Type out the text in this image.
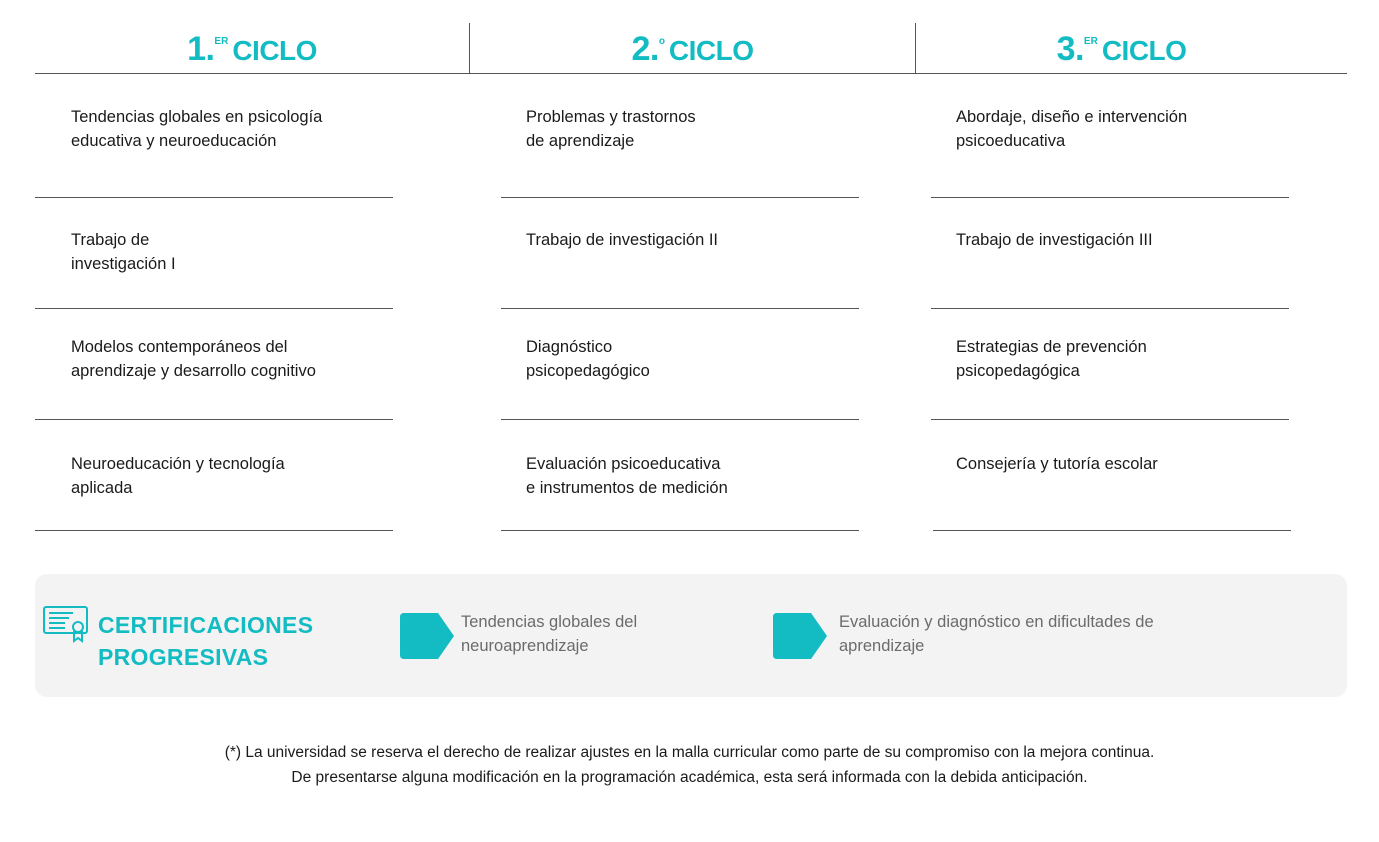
1.$^{ER}$ CICLO	2.$^o$ CICLO	3.$^{ER}$ CICLO
Tendencias globales en psicología
educativa y neuroeducación
Trabajo de
investigación I
Modelos contemporáneos del
aprendizaje y desarrollo cognitivo
Neuroeducación y tecnología
aplicada
Problemas y trastornos
de aprendizaje
Trabajo de investigación II
Diagnóstico
psicopedagógico
Evaluación psicoeducativa
e instrumentos de medición
Abordaje, diseño e intervención
psicoeducativa
Trabajo de investigación III
Estrategias de prevención
psicopedagógica
Consejería y tutoría escolar
CERTIFICACIONES
PROGRESIVAS
Tendencias globales del
neuroaprendizaje
Evaluación y diagnóstico en dificultades de
aprendizaje
(*) La universidad se reserva el derecho de realizar ajustes en la malla curricular como parte de su compromiso con la mejora continua.
De presentarse alguna modificación en la programación académica, esta será informada con la debida anticipación.
